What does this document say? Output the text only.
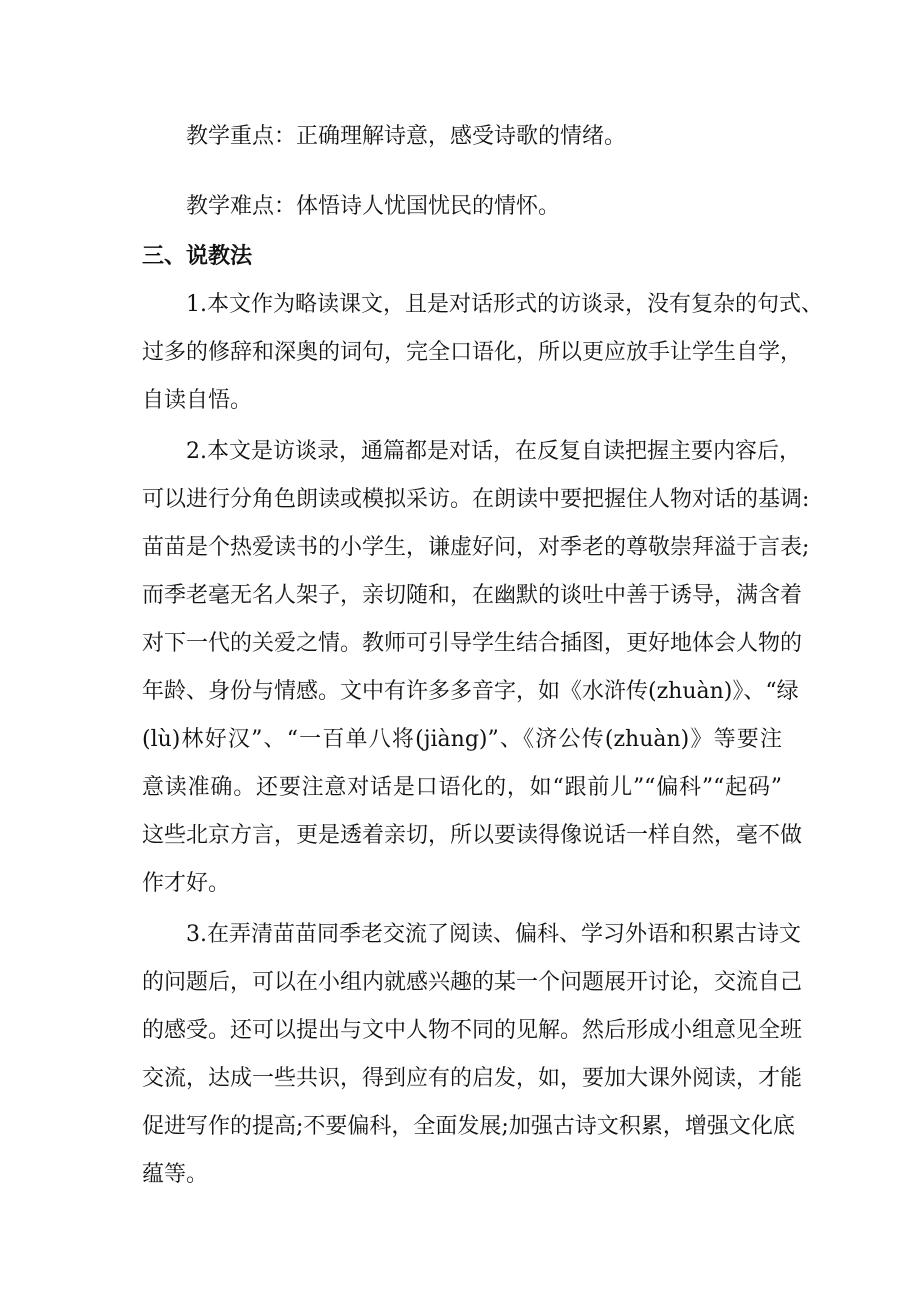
教学重点：正确理解诗意，感受诗歌的情绪。
教学难点：体悟诗人忧国忧民的情怀。
三、说教法
1.本文作为略读课文，且是对话形式的访谈录，没有复杂的句式、
过多的修辞和深奥的词句，完全口语化，所以更应放手让学生自学，
自读自悟。
2.本文是访谈录，通篇都是对话，在反复自读把握主要内容后，
可以进行分角色朗读或模拟采访。在朗读中要把握住人物对话的基调:
苗苗是个热爱读书的小学生，谦虚好问，对季老的尊敬崇拜溢于言表;
而季老毫无名人架子，亲切随和，在幽默的谈吐中善于诱导，满含着
对下一代的关爱之情。教师可引导学生结合插图，更好地体会人物的
年龄、身份与情感。文中有许多多音字，如《水浒传(zhuàn)》、“绿
(lù)林好汉”、“一百单八将(jiàng)”、《济公传(zhuàn)》等要注
意读准确。还要注意对话是口语化的，如“跟前儿”“偏科”“起码”
这些北京方言，更是透着亲切，所以要读得像说话一样自然，毫不做
作才好。
3.在弄清苗苗同季老交流了阅读、偏科、学习外语和积累古诗文
的问题后，可以在小组内就感兴趣的某一个问题展开讨论，交流自己
的感受。还可以提出与文中人物不同的见解。然后形成小组意见全班
交流，达成一些共识，得到应有的启发，如，要加大课外阅读，才能
促进写作的提高;不要偏科，全面发展;加强古诗文积累，增强文化底
蕴等。
